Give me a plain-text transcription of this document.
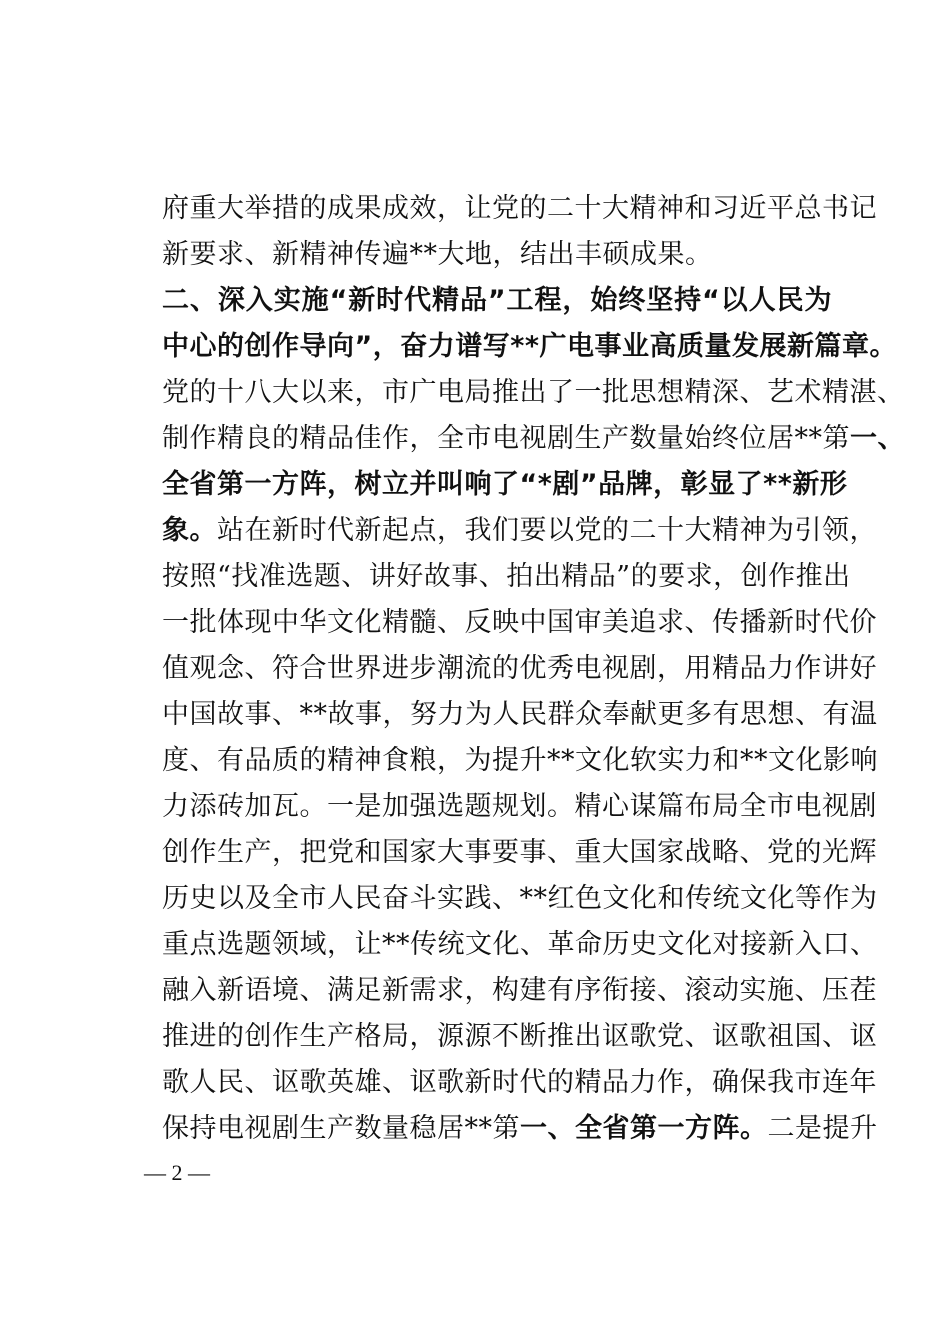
府重大举措的成果成效，让党的二十大精神和习近平总书记
新要求、新精神传遍**大地，结出丰硕成果。
二、深入实施“新时代精品”工程，始终坚持“以人民为
中心的创作导向”，奋力谱写**广电事业高质量发展新篇章。
党的十八大以来，市广电局推出了一批思想精深、艺术精湛、
制作精良的精品佳作，全市电视剧生产数量始终位居**第一、
全省第一方阵，树立并叫响了“*剧”品牌，彰显了**新形
象。站在新时代新起点，我们要以党的二十大精神为引领，
按照“找准选题、讲好故事、拍出精品”的要求，创作推出
一批体现中华文化精髓、反映中国审美追求、传播新时代价
值观念、符合世界进步潮流的优秀电视剧，用精品力作讲好
中国故事、**故事，努力为人民群众奉献更多有思想、有温
度、有品质的精神食粮，为提升**文化软实力和**文化影响
力添砖加瓦。一是加强选题规划。精心谋篇布局全市电视剧
创作生产，把党和国家大事要事、重大国家战略、党的光辉
历史以及全市人民奋斗实践、**红色文化和传统文化等作为
重点选题领域，让**传统文化、革命历史文化对接新入口、
融入新语境、满足新需求，构建有序衔接、滚动实施、压茬
推进的创作生产格局，源源不断推出讴歌党、讴歌祖国、讴
歌人民、讴歌英雄、讴歌新时代的精品力作，确保我市连年
保持电视剧生产数量稳居**第一、全省第一方阵。二是提升
— 2 —
